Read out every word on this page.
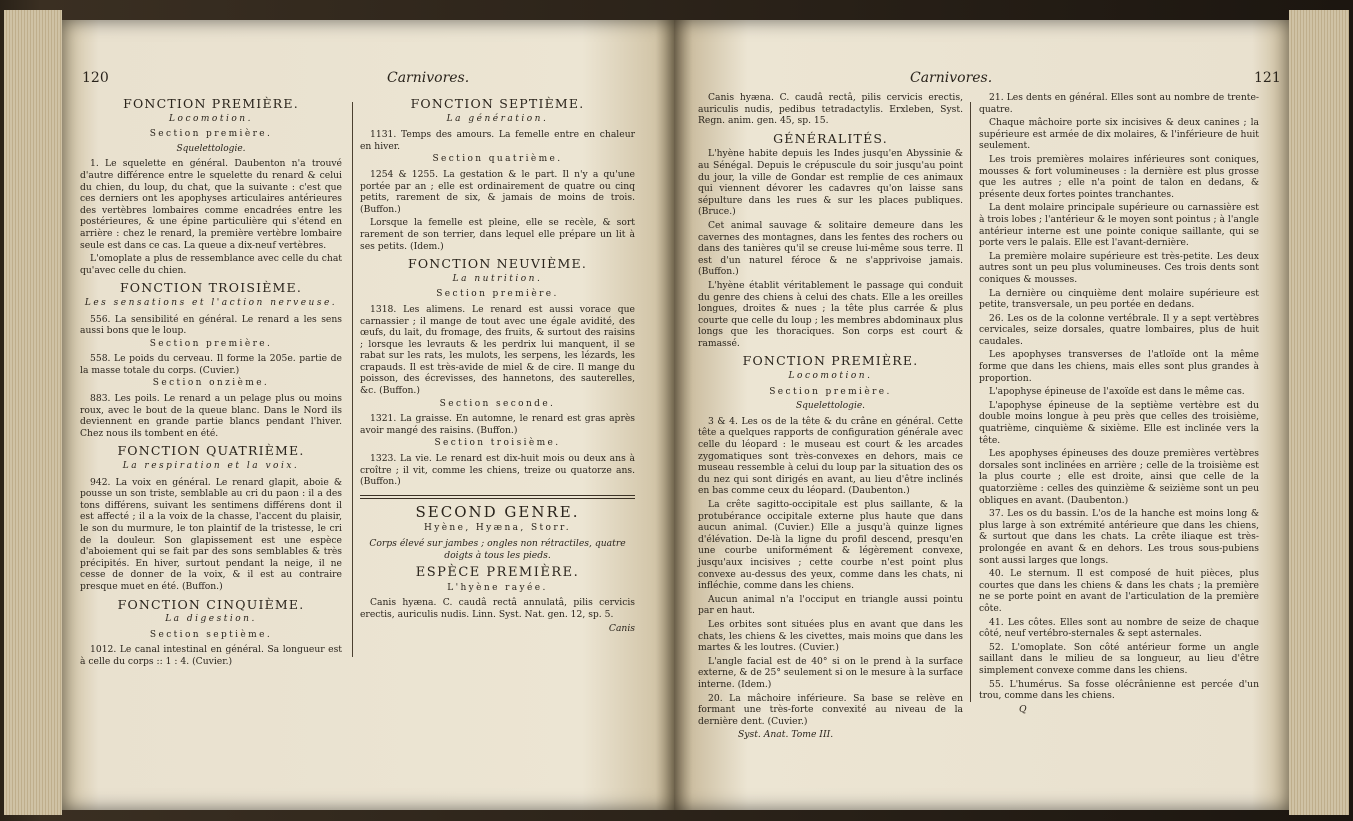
120	Carnivores.
FONCTION PREMIÈRE.
Locomotion.
Section première.
Squelettologie.

1. Le squelette en général. Daubenton n'a trouvé d'autre différence entre le squelette du renard & celui du chien, du loup, du chat, que la suivante : c'est que ces derniers ont les apophyses articulaires antérieures des vertèbres lombaires comme encadrées entre les postérieures, & une épine particulière qui s'étend en arrière : chez le renard, la première vertèbre lombaire seule est dans ce cas. La queue a dix-neuf vertèbres.

L'omoplate a plus de ressemblance avec celle du chat qu'avec celle du chien.

FONCTION TROISIÈME.
Les sensations et l'action nerveuse.

556. La sensibilité en général. Le renard a les sens aussi bons que le loup.

Section première.

558. Le poids du cerveau. Il forme la 205e. partie de la masse totale du corps. (Cuvier.)

Section onzième.

883. Les poils. Le renard a un pelage plus ou moins roux, avec le bout de la queue blanc. Dans le Nord ils deviennent en grande partie blancs pendant l'hiver. Chez nous ils tombent en été.

FONCTION QUATRIÈME.
La respiration et la voix.

942. La voix en général. Le renard glapit, aboie & pousse un son triste, semblable au cri du paon : il a des tons différens, suivant les sentimens différens dont il est affecté ; il a la voix de la chasse, l'accent du plaisir, le son du murmure, le ton plaintif de la tristesse, le cri de la douleur. Son glapissement est une espèce d'aboiement qui se fait par des sons semblables & très précipités. En hiver, surtout pendant la neige, il ne cesse de donner de la voix, & il est au contraire presque muet en été. (Buffon.)

FONCTION CINQUIÈME.
La digestion.
Section septième.

1012. Le canal intestinal en général. Sa longueur est à celle du corps :: 1 : 4. (Cuvier.)

FONCTION SEPTIÈME.
La génération.

1131. Temps des amours. La femelle entre en chaleur en hiver.

Section quatrième.

1254 & 1255. La gestation & le part. Il n'y a qu'une portée par an ; elle est ordinairement de quatre ou cinq petits, rarement de six, & jamais de moins de trois. (Buffon.)

Lorsque la femelle est pleine, elle se recèle, & sort rarement de son terrier, dans lequel elle prépare un lit à ses petits. (Idem.)

FONCTION NEUVIÈME.
La nutrition.
Section première.

1318. Les alimens. Le renard est aussi vorace que carnassier ; il mange de tout avec une égale avidité, des œufs, du lait, du fromage, des fruits, & surtout des raisins ; lorsque les levrauts & les perdrix lui manquent, il se rabat sur les rats, les mulots, les serpens, les lézards, les crapauds. Il est très-avide de miel & de cire. Il mange du poisson, des écrevisses, des hannetons, des sauterelles, &c. (Buffon.)

Section seconde.

1321. La graisse. En automne, le renard est gras après avoir mangé des raisins. (Buffon.)

Section troisième.

1323. La vie. Le renard est dix-huit mois ou deux ans à croître ; il vit, comme les chiens, treize ou quatorze ans. (Buffon.)

SECOND GENRE.
Hyène, Hyæna, Storr.
Corps élevé sur jambes ; ongles non rétractiles, quatre doigts à tous les pieds.
ESPÈCE PREMIÈRE.
L'hyène rayée.

Canis hyæna. C. caudâ rectâ annulatâ, pilis cervicis erectis, auriculis nudis. Linn. Syst. Nat. gen. 12, sp. 5.

Canis
Carnivores.	121

Canis hyæna. C. caudâ rectâ, pilis cervicis erectis, auriculis nudis, pedibus tetradactylis. Erxleben, Syst. Regn. anim. gen. 45, sp. 15.

GÉNÉRALITÉS.

L'hyène habite depuis les Indes jusqu'en Abyssinie & au Sénégal. Depuis le crépuscule du soir jusqu'au point du jour, la ville de Gondar est remplie de ces animaux qui viennent dévorer les cadavres qu'on laisse sans sépulture dans les rues & sur les places publiques. (Bruce.)

Cet animal sauvage & solitaire demeure dans les cavernes des montagnes, dans les fentes des rochers ou dans des tanières qu'il se creuse lui-même sous terre. Il est d'un naturel féroce & ne s'apprivoise jamais. (Buffon.)

L'hyène établit véritablement le passage qui conduit du genre des chiens à celui des chats. Elle a les oreilles longues, droites & nues ; la tête plus carrée & plus courte que celle du loup ; les membres abdominaux plus longs que les thoraciques. Son corps est court & ramassé.

FONCTION PREMIÈRE.
Locomotion.
Section première.
Squelettologie.

3 & 4. Les os de la tête & du crâne en général. Cette tête a quelques rapports de configuration générale avec celle du léopard : le museau est court & les arcades zygomatiques sont très-convexes en dehors, mais ce museau ressemble à celui du loup par la situation des os du nez qui sont dirigés en avant, au lieu d'être inclinés en bas comme ceux du léopard. (Daubenton.)

La crête sagitto-occipitale est plus saillante, & la protubérance occipitale externe plus haute que dans aucun animal. (Cuvier.) Elle a jusqu'à quinze lignes d'élévation. De-là la ligne du profil descend, presqu'en une courbe uniformément & légèrement convexe, jusqu'aux incisives ; cette courbe n'est point plus convexe au-dessus des yeux, comme dans les chats, ni infléchie, comme dans les chiens.

Aucun animal n'a l'occiput en triangle aussi pointu par en haut.

Les orbites sont situées plus en avant que dans les chats, les chiens & les civettes, mais moins que dans les martes & les loutres. (Cuvier.)

L'angle facial est de 40° si on le prend à la surface externe, & de 25° seulement si on le mesure à la surface interne. (Idem.)

20. La mâchoire inférieure. Sa base se relève en formant une très-forte convexité au niveau de la dernière dent. (Cuvier.)

Syst. Anat. Tome III.

21. Les dents en général. Elles sont au nombre de trente-quatre.

Chaque mâchoire porte six incisives & deux canines ; la supérieure est armée de dix molaires, & l'inférieure de huit seulement.

Les trois premières molaires inférieures sont coniques, mousses & fort volumineuses : la dernière est plus grosse que les autres ; elle n'a point de talon en dedans, & présente deux fortes pointes tranchantes.

La dent molaire principale supérieure ou carnassière est à trois lobes ; l'antérieur & le moyen sont pointus ; à l'angle antérieur interne est une pointe conique saillante, qui se porte vers le palais. Elle est l'avant-dernière.

La première molaire supérieure est très-petite. Les deux autres sont un peu plus volumineuses. Ces trois dents sont coniques & mousses.

La dernière ou cinquième dent molaire supérieure est petite, transversale, un peu portée en dedans.

26. Les os de la colonne vertébrale. Il y a sept vertèbres cervicales, seize dorsales, quatre lombaires, plus de huit caudales.

Les apophyses transverses de l'atloïde ont la même forme que dans les chiens, mais elles sont plus grandes à proportion.

L'apophyse épineuse de l'axoïde est dans le même cas.

L'apophyse épineuse de la septième vertèbre est du double moins longue à peu près que celles des troisième, quatrième, cinquième & sixième. Elle est inclinée vers la tête.

Les apophyses épineuses des douze premières vertèbres dorsales sont inclinées en arrière ; celle de la troisième est la plus courte ; elle est droite, ainsi que celle de la quatorzième : celles des quinzième & seizième sont un peu obliques en avant. (Daubenton.)

37. Les os du bassin. L'os de la hanche est moins long & plus large à son extrémité antérieure que dans les chiens, & surtout que dans les chats. La crête iliaque est très-prolongée en avant & en dehors. Les trous sous-pubiens sont aussi larges que longs.

40. Le sternum. Il est composé de huit pièces, plus courtes que dans les chiens & dans les chats ; la première ne se porte point en avant de l'articulation de la première côte.

41. Les côtes. Elles sont au nombre de seize de chaque côté, neuf vertébro-sternales & sept asternales.

52. L'omoplate. Son côté antérieur forme un angle saillant dans le milieu de sa longueur, au lieu d'être simplement convexe comme dans les chiens.

55. L'humérus. Sa fosse olécrânienne est percée d'un trou, comme dans les chiens.

Q
